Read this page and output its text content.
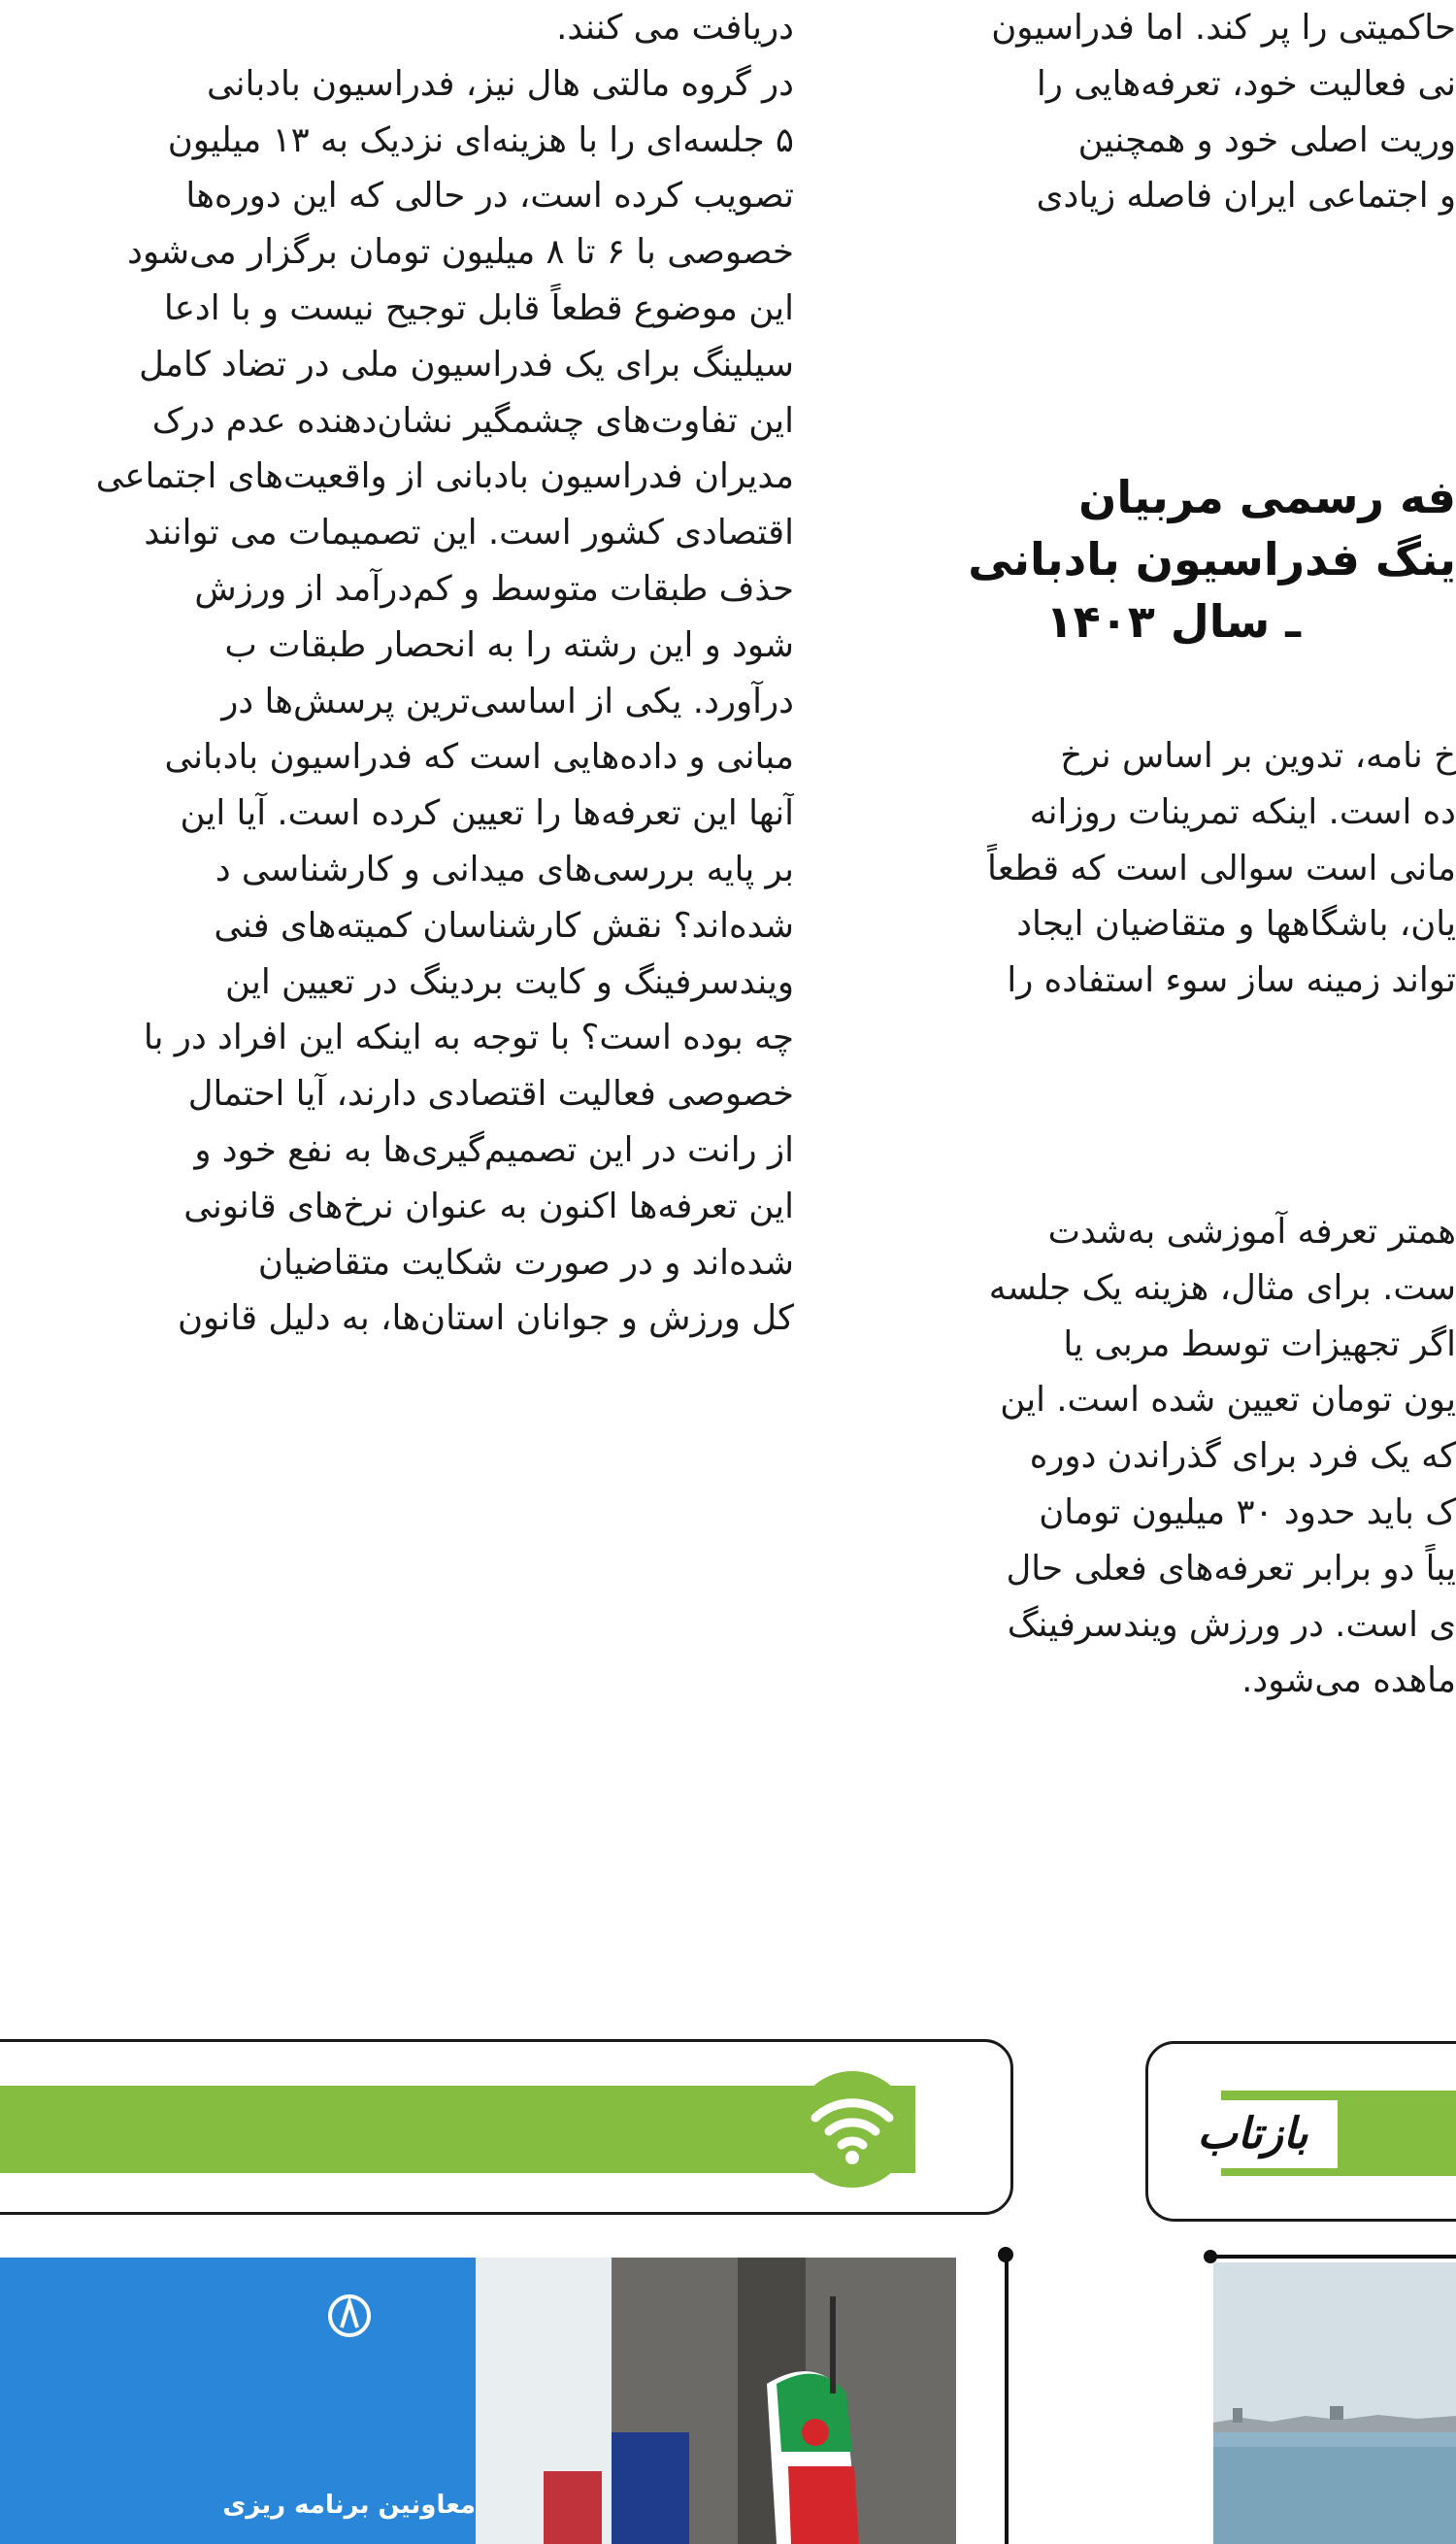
دریافت می کنند.
در گروه مالتی هال نیز، فدراسیون بادبانی
۵ جلسه‌ای را با هزینه‌ای نزدیک به ۱۳ میلیون
تصویب کرده است، در حالی که این دوره‌ها
خصوصی با ۶ تا ۸ میلیون تومان برگزار می‌شود
این موضوع قطعاً قابل توجیح نیست و با ادعا
سیلینگ برای یک فدراسیون ملی در تضاد کامل
این تفاوت‌های چشمگیر نشان‌دهنده عدم درک
مدیران فدراسیون بادبانی از واقعیت‌های اجتماعی
اقتصادی کشور است. این تصمیمات می توانند
حذف طبقات متوسط و کم‌درآمد از ورزش
شود و این رشته را به انحصار طبقات ب
درآورد. یکی از اساسی‌ترین پرسش‌ها در
مبانی و داده‌هایی است که فدراسیون بادبانی
آنها این تعرفه‌ها را تعیین کرده است. آیا این
بر پایه بررسی‌های میدانی و کارشناسی د
شده‌اند؟ نقش کارشناسان کمیته‌های فنی
ویندسرفینگ و کایت بردینگ در تعیین این
چه بوده است؟ با توجه به اینکه این افراد در با
خصوصی فعالیت اقتصادی دارند، آیا احتمال
از رانت در این تصمیم‌گیری‌ها به نفع خود و
این تعرفه‌ها اکنون به عنوان نرخ‌های قانونی
شده‌اند و در صورت شکایت متقاضیان
کل ورزش و جوانان استان‌ها، به دلیل قانون
حاکمیتی را پر کند. اما فدراسیون
نی فعالیت خود، تعرفه‌هایی را
وریت اصلی خود و همچنین
و اجتماعی ایران فاصله زیادی
فه رسمی مربیان
ینگ فدراسیون بادبانی
ـ سال ۱۴۰۳
خ نامه، تدوین بر اساس نرخ
ده است. اینکه تمرینات روزانه
مانی است سوالی است که قطعاً
یان، باشگاهها و متقاضیان ایجاد
تواند زمینه ساز سوء استفاده را
همتر تعرفه آموزشی به‌شدت
ست. برای مثال، هزینه یک جلسه
اگر تجهیزات توسط مربی یا
یون تومان تعیین شده است. این
که یک فرد برای گذراندن دوره
ک باید حدود ۳۰ میلیون تومان
یباً دو برابر تعرفه‌های فعلی حال
ی است. در ورزش ویندسرفینگ
ماهده می‌شود.
بازتاب
معاونین برنامه ریزی
